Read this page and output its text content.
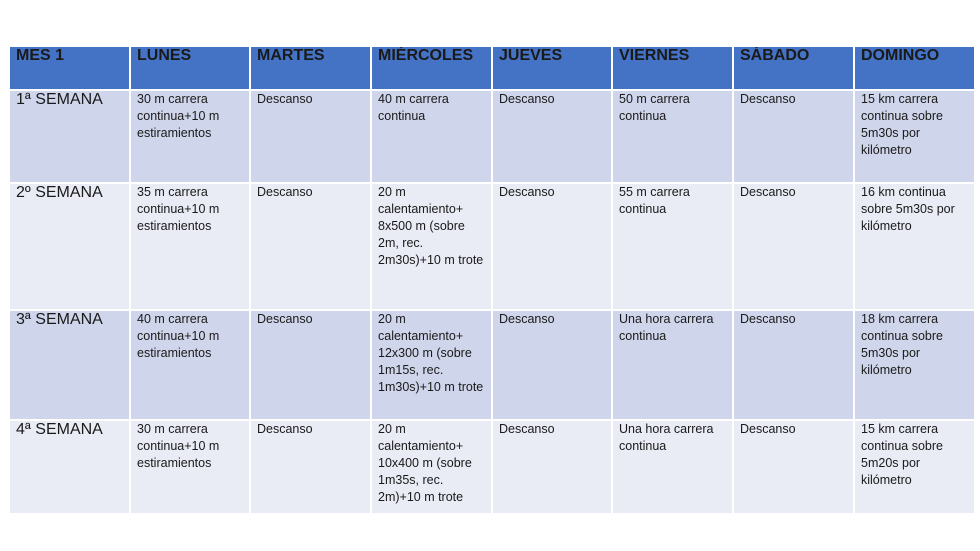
MES 1	LUNES	MARTES	MIÉRCOLES	JUEVES	VIERNES	SÁBADO	DOMINGO
1ª SEMANA	30 m carrera continua+10 m estiramientos	Descanso	40 m carrera continua	Descanso	50 m carrera continua	Descanso	15 km carrera continua sobre 5m30s por kilómetro
2º SEMANA	35 m carrera continua+10 m estiramientos	Descanso	20 m calentamiento+ 8x500 m (sobre 2m, rec. 2m30s)+10 m trote	Descanso	55 m carrera continua	Descanso	16 km continua sobre 5m30s por kilómetro
3ª SEMANA	40 m carrera continua+10 m estiramientos	Descanso	20 m calentamiento+ 12x300 m (sobre 1m15s, rec. 1m30s)+10 m trote	Descanso	Una hora carrera continua	Descanso	18 km carrera continua sobre 5m30s por kilómetro
4ª SEMANA	30 m carrera continua+10 m estiramientos	Descanso	20 m calentamiento+ 10x400 m (sobre 1m35s, rec. 2m)+10 m trote	Descanso	Una hora carrera continua	Descanso	15 km carrera continua sobre 5m20s por kilómetro
